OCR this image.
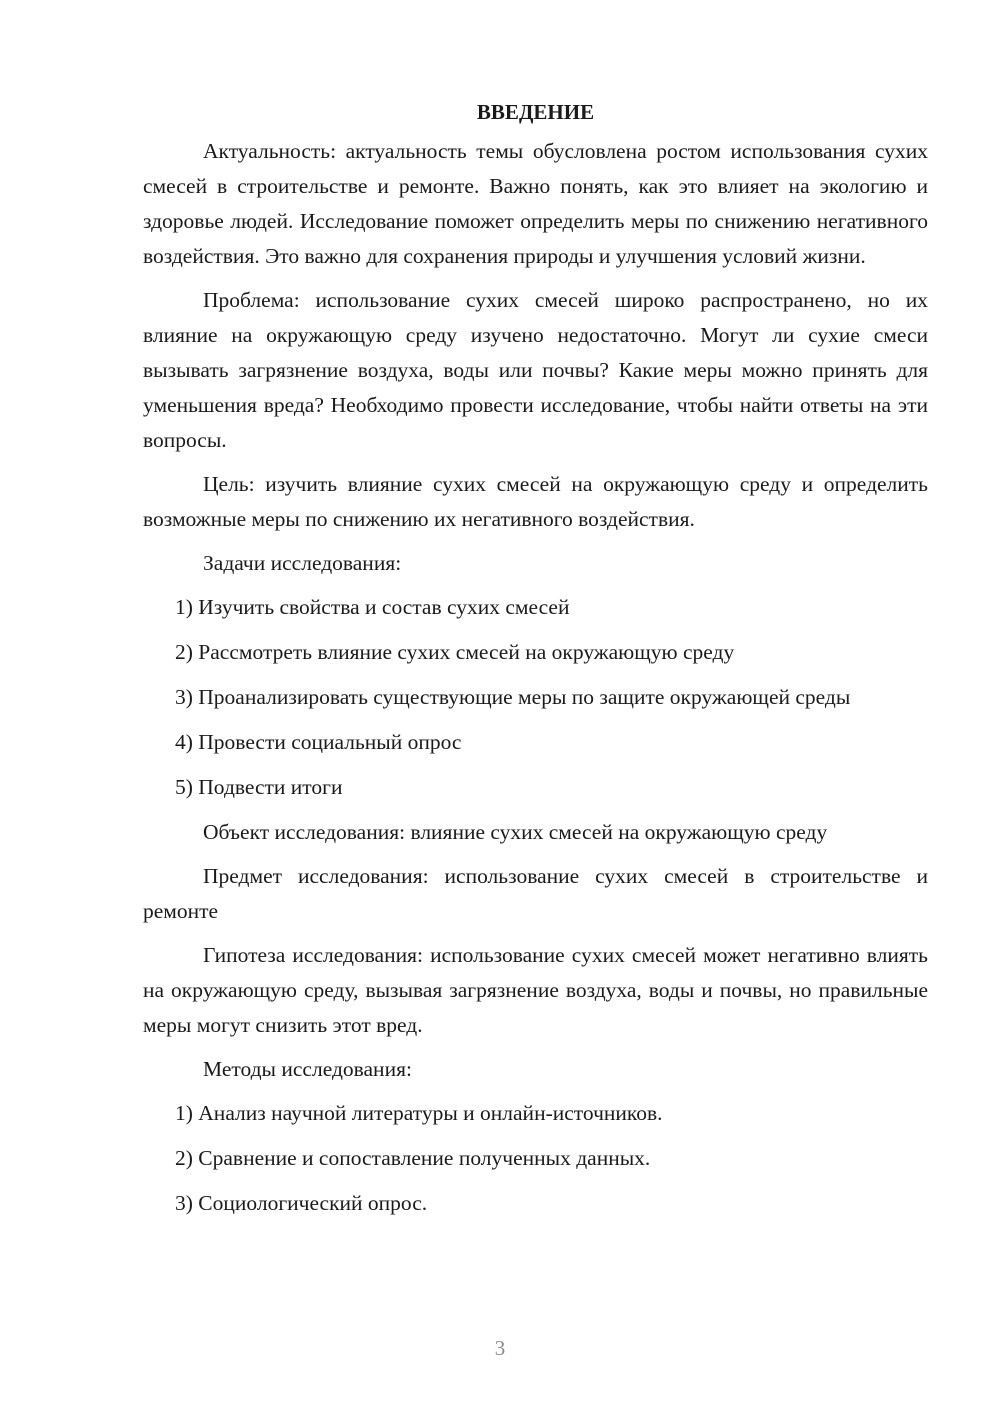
ВВЕДЕНИЕ

Актуальность: актуальность темы обусловлена ростом использования сухих смесей в строительстве и ремонте. Важно понять, как это влияет на экологию и здоровье людей. Исследование поможет определить меры по снижению негативного воздействия. Это важно для сохранения природы и улучшения условий жизни.

Проблема: использование сухих смесей широко распространено, но их влияние на окружающую среду изучено недостаточно. Могут ли сухие смеси вызывать загрязнение воздуха, воды или почвы? Какие меры можно принять для уменьшения вреда? Необходимо провести исследование, чтобы найти ответы на эти вопросы.

Цель: изучить влияние сухих смесей на окружающую среду и определить возможные меры по снижению их негативного воздействия.

Задачи исследования:

1) Изучить свойства и состав сухих смесей

2) Рассмотреть влияние сухих смесей на окружающую среду

3) Проанализировать существующие меры по защите окружающей среды

4) Провести социальный опрос

5) Подвести итоги

Объект исследования: влияние сухих смесей на окружающую среду

Предмет исследования: использование сухих смесей в строительстве и ремонте

Гипотеза исследования: использование сухих смесей может негативно влиять на окружающую среду, вызывая загрязнение воздуха, воды и почвы, но правильные меры могут снизить этот вред.

Методы исследования:

1) Анализ научной литературы и онлайн-источников.

2) Сравнение и сопоставление полученных данных.

3) Социологический опрос.

3
